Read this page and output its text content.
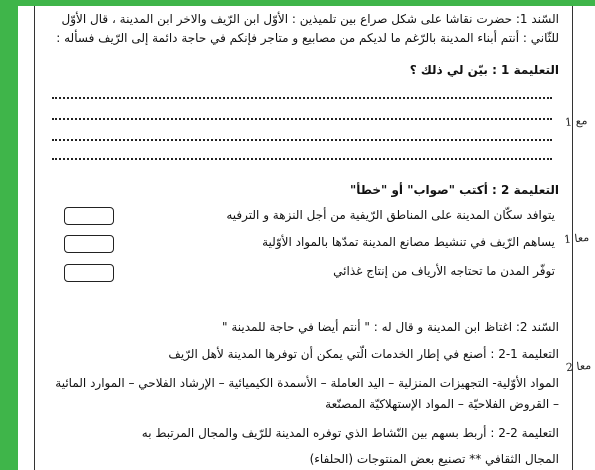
السّند 1: حضرت نقاشا على شكل صراع بين تلميذين : الأوّل ابن الرّيف والاخر ابن المدينة ، قال الأوّل
للثّاني : أنتم أبناء المدينة بالرّغم ما لديكم من مصابيع و متاجر فإنكم في حاجة دائمة إلى الرّيف فسأله :
التعليمة 1 : بيّن لي ذلك ؟
مع 1
التعليمة 2 : أكتب "صواب" أو "خطأ"
يتوافد سكّان المدينة على المناطق الرّيفية من أجل النزهة و الترفيه
يساهم الرّيف في تنشيط مصانع المدينة تمدّها بالمواد الأوّلية
توفّر المدن ما تحتاجه الأرياف من إنتاج غذائي
معا 1
السّند 2: اغتاظ ابن المدينة و قال له : " أنتم أيضا في حاجة للمدينة "
التعليمة 1-2 : أصنع في إطار الخدمات الّتي يمكن أن توفرها المدينة لأهل الرّيف
المواد الأوّلية- التجهيزات المنزلية – اليد العاملة – الأسمدة الكيميائية – الإرشاد الفلاحي – الموارد المائية
– القروض الفلاحيّة – المواد الإستهلاكيّة المصنّعة
معا 2
التعليمة 2-2 : أربط بسهم بين النّشاط الذي توفره المدينة للرّيف والمجال المرتبط به
المجال الثقافي ** تصنيع بعض المنتوجات (الحلفاء)
